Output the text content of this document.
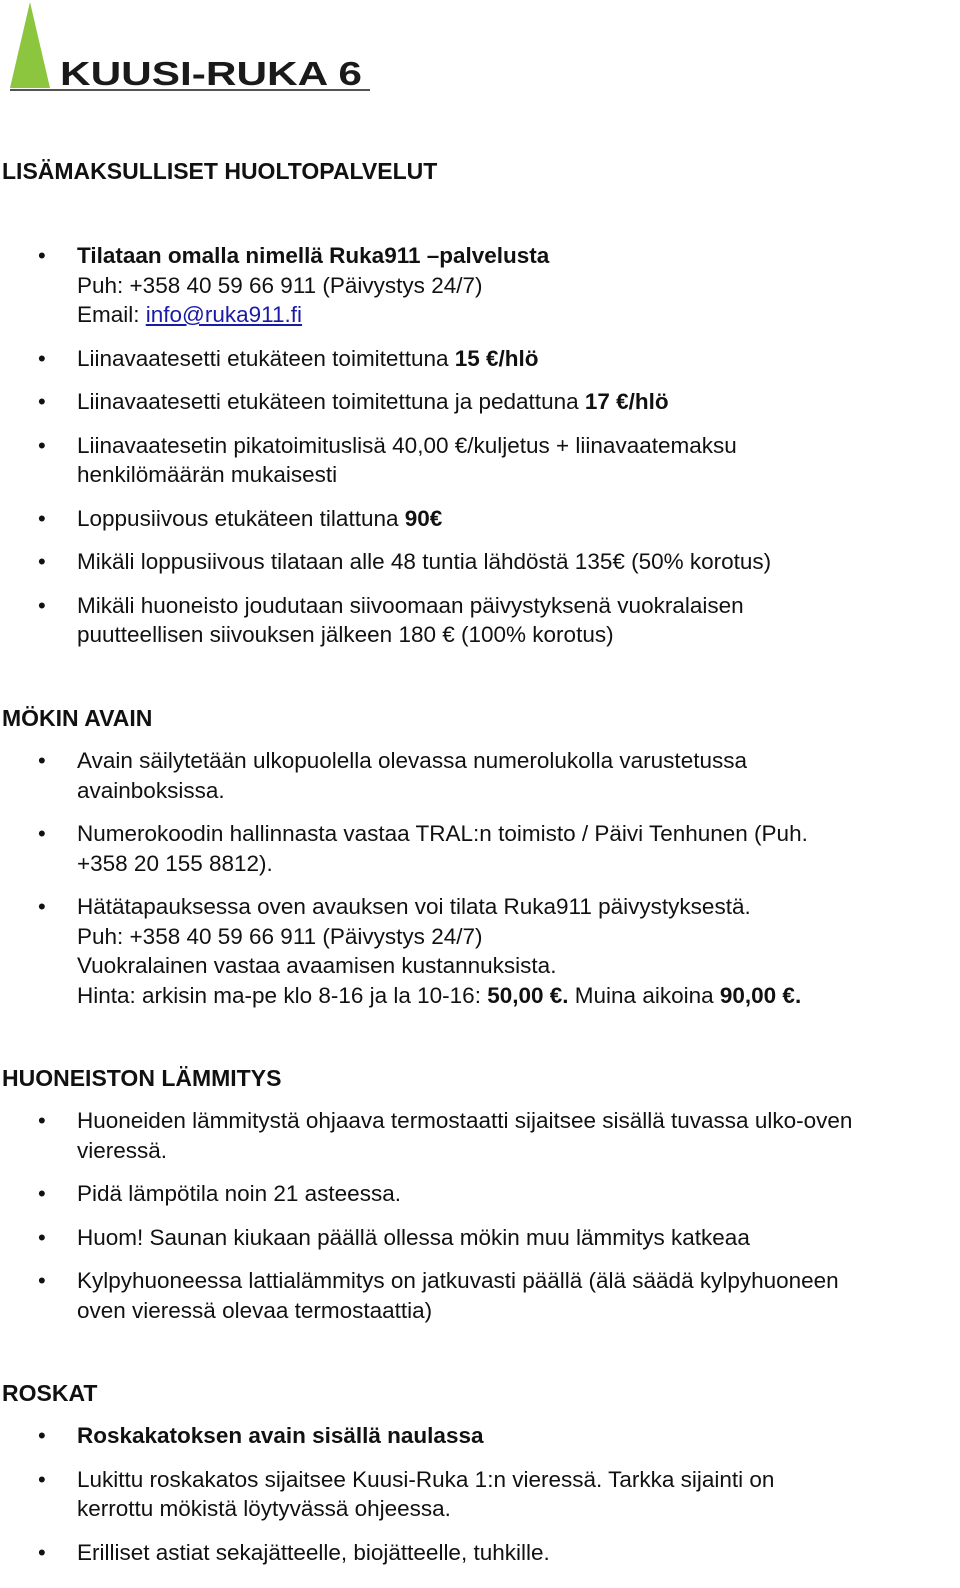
KUUSI-RUKA 6
LISÄMAKSULLISET HUOLTOPALVELUT
• Tilataan omalla nimellä Ruka911 –palvelusta
Puh: +358 40 59 66 911 (Päivystys 24/7)
Email: info@ruka911.fi
• Liinavaatesetti etukäteen toimitettuna 15 €/hlö
• Liinavaatesetti etukäteen toimitettuna ja pedattuna 17 €/hlö
• Liinavaatesetin pikatoimituslisä 40,00 €/kuljetus + liinavaatemaksu
henkilömäärän mukaisesti
• Loppusiivous etukäteen tilattuna 90€
• Mikäli loppusiivous tilataan alle 48 tuntia lähdöstä 135€ (50% korotus)
• Mikäli huoneisto joudutaan siivoomaan päivystyksenä vuokralaisen
puutteellisen siivouksen jälkeen 180 € (100% korotus)
MÖKIN AVAIN
• Avain säilytetään ulkopuolella olevassa numerolukolla varustetussa
avainboksissa.
• Numerokoodin hallinnasta vastaa TRAL:n toimisto / Päivi Tenhunen (Puh.
+358 20 155 8812).
• Hätätapauksessa oven avauksen voi tilata Ruka911 päivystyksestä.
Puh: +358 40 59 66 911 (Päivystys 24/7)
Vuokralainen vastaa avaamisen kustannuksista.
Hinta: arkisin ma-pe klo 8-16 ja la 10-16: 50,00 €. Muina aikoina 90,00 €.
HUONEISTON LÄMMITYS
• Huoneiden lämmitystä ohjaava termostaatti sijaitsee sisällä tuvassa ulko-oven
vieressä.
• Pidä lämpötila noin 21 asteessa.
• Huom! Saunan kiukaan päällä ollessa mökin muu lämmitys katkeaa
• Kylpyhuoneessa lattialämmitys on jatkuvasti päällä (älä säädä kylpyhuoneen
oven vieressä olevaa termostaattia)
ROSKAT
• Roskakatoksen avain sisällä naulassa
• Lukittu roskakatos sijaitsee Kuusi-Ruka 1:n vieressä. Tarkka sijainti on
kerrottu mökistä löytyvässä ohjeessa.
• Erilliset astiat sekajätteelle, biojätteelle, tuhkille.
